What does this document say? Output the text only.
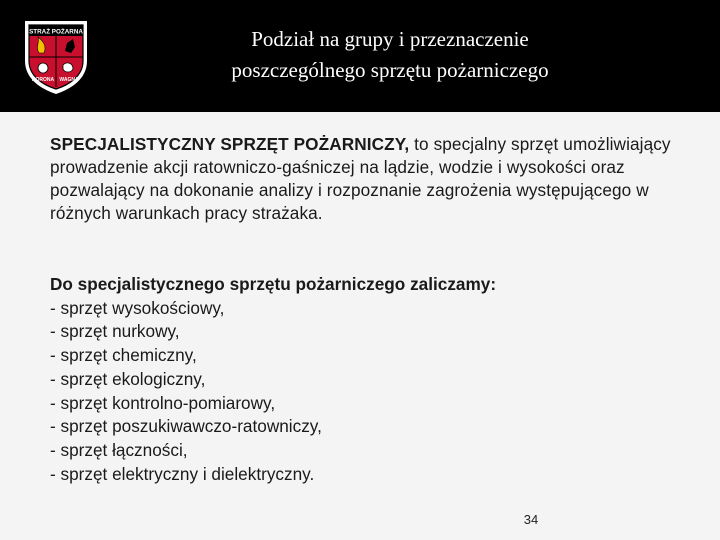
STRAŻ POŻARNA
KORONA WAGNA
Podział na grupy i przeznaczenie
poszczególnego sprzętu pożarniczego
SPECJALISTYCZNY SPRZĘT POŻARNICZY, to specjalny sprzęt umożliwiający prowadzenie akcji ratowniczo-gaśniczej na lądzie, wodzie i wysokości oraz pozwalający na dokonanie analizy i rozpoznanie zagrożenia występującego w różnych warunkach pracy strażaka.
Do specjalistycznego sprzętu pożarniczego zaliczamy:
- sprzęt wysokościowy,
- sprzęt nurkowy,
- sprzęt chemiczny,
- sprzęt ekologiczny,
- sprzęt kontrolno-pomiarowy,
- sprzęt poszukiwawczo-ratowniczy,
- sprzęt łączności,
- sprzęt elektryczny i dielektryczny.
34
